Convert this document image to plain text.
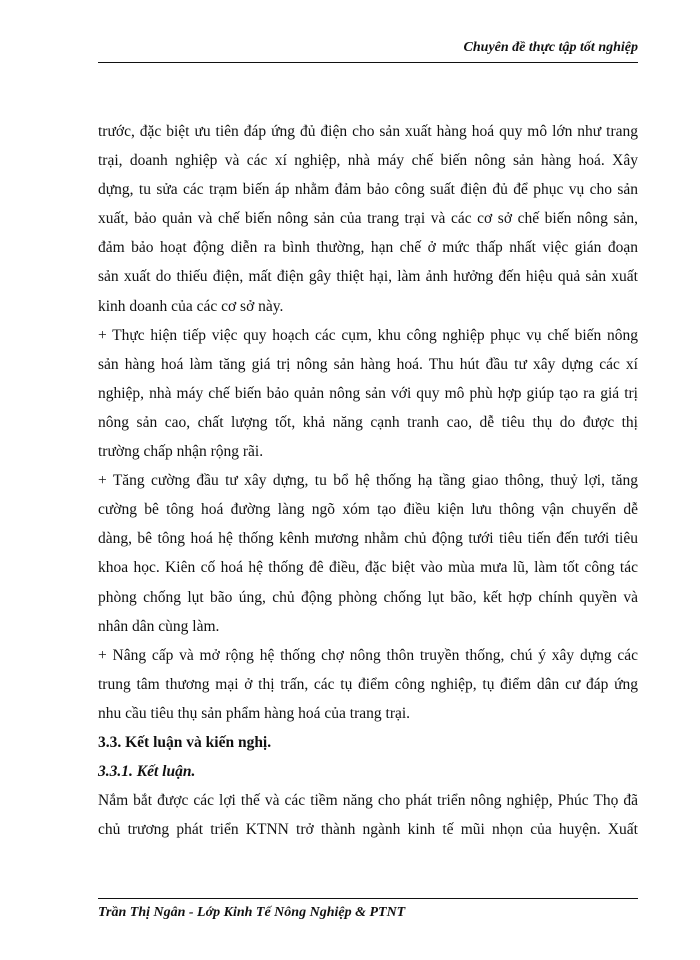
Chuyên đề thực tập tốt nghiệp
trước, đặc biệt ưu tiên đáp ứng đủ điện cho sản xuất hàng hoá quy mô lớn như trang
trại, doanh nghiệp và các xí nghiệp, nhà máy chế biến nông sản hàng hoá. Xây
dựng, tu sửa các trạm biến áp nhằm đảm bảo công suất điện đủ để phục vụ cho sản
xuất, bảo quản và chế biến nông sản của trang trại và các cơ sở chế biến nông sản,
đảm bảo hoạt động diễn ra bình thường, hạn chế ở mức thấp nhất việc gián đoạn
sản xuất do thiếu điện, mất điện gây thiệt hại, làm ảnh hưởng đến hiệu quả sản xuất
kinh doanh của các cơ sở này.
+ Thực hiện tiếp việc quy hoạch các cụm, khu công nghiệp phục vụ chế biến nông
sản hàng hoá làm tăng giá trị nông sản hàng hoá. Thu hút đầu tư xây dựng các xí
nghiệp, nhà máy chế biến bảo quản nông sản với quy mô phù hợp giúp tạo ra giá trị
nông sản cao, chất lượng tốt, khả năng cạnh tranh cao, dễ tiêu thụ do được thị
trường chấp nhận rộng rãi.
+ Tăng cường đầu tư xây dựng, tu bổ hệ thống hạ tầng giao thông, thuỷ lợi, tăng
cường bê tông hoá đường làng ngõ xóm tạo điều kiện lưu thông vận chuyển dễ
dàng, bê tông hoá hệ thống kênh mương nhằm chủ động tưới tiêu tiến đến tưới tiêu
khoa học. Kiên cố hoá hệ thống đê điều, đặc biệt vào mùa mưa lũ, làm tốt công tác
phòng chống lụt bão úng, chủ động phòng chống lụt bão, kết hợp chính quyền và
nhân dân cùng làm.
+ Nâng cấp và mở rộng hệ thống chợ nông thôn truyền thống, chú ý xây dựng các
trung tâm thương mại ở thị trấn, các tụ điểm công nghiệp, tụ điểm dân cư đáp ứng
nhu cầu tiêu thụ sản phẩm hàng hoá của trang trại.
3.3. Kết luận và kiến nghị.
3.3.1. Kết luận.
Nắm bắt được các lợi thế và các tiềm năng cho phát triển nông nghiệp, Phúc Thọ đã
chủ trương phát triển KTNN trở thành ngành kinh tế mũi nhọn của huyện. Xuất
Trần Thị Ngân - Lớp Kinh Tế Nông Nghiệp & PTNT
